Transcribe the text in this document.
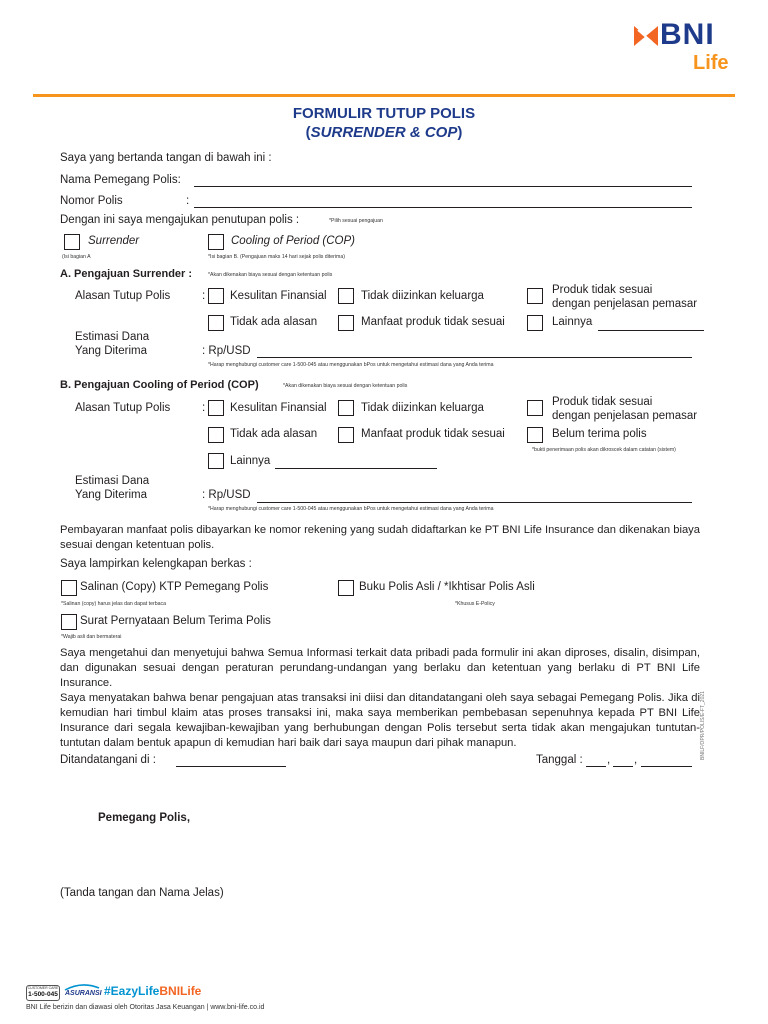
BNI
Life
FORMULIR TUTUP POLIS
(SURRENDER & COP)
Saya yang bertanda tangan di bawah ini :
Nama Pemegang Polis:
Nomor Polis	:
Dengan ini saya mengajukan penutupan polis :	*Pilih sesuai pengajuan
Surrender
(Isi bagian A
Cooling of Period (COP)
*Isi bagian B. (Pengajuan maks 14 hari sejak polis diterima)
A. Pengajuan Surrender :	*Akan dikenakan biaya sesuai dengan ketentuan polis
Alasan Tutup Polis	: Kesulitan Finansial	Tidak diizinkan keluarga	Produk tidak sesuai
dengan penjelasan pemasar
Tidak ada alasan	Manfaat produk tidak sesuai	Lainnya
Estimasi Dana
Yang Diterima	: Rp/USD
*Harap menghubungi customer care 1-500-045 atau menggunakan bPos untuk mengetahui estimasi dana yang Anda terima
B. Pengajuan Cooling of Period (COP)	*Akan dikenakan biaya sesuai dengan ketentuan polis
Alasan Tutup Polis	: Kesulitan Finansial	Tidak diizinkan keluarga	Produk tidak sesuai
dengan penjelasan pemasar
Tidak ada alasan	Manfaat produk tidak sesuai	Belum terima polis
*bukti penerimaan polis akan dikroscek dalam catatan (sistem)
Lainnya
Estimasi Dana
Yang Diterima	: Rp/USD
*Harap menghubungi customer care 1-500-045 atau menggunakan bPos untuk mengetahui estimasi dana yang Anda terima
Pembayaran manfaat polis dibayarkan ke nomor rekening yang sudah didaftarkan ke PT BNI Life Insurance dan dikenakan biaya sesuai dengan ketentuan polis.
Saya lampirkan kelengkapan berkas :
Salinan (Copy) KTP Pemegang Polis
*Salinan (copy) harus jelas dan dapat terbaca
Buku Polis Asli / *Ikhtisar Polis Asli
*Khusus E-Policy
Surat Pernyataan Belum Terima Polis
*Wajib asli dan bermaterai
Saya mengetahui dan menyetujui bahwa Semua Informasi terkait data pribadi pada formulir ini akan diproses, disalin, disimpan, dan digunakan sesuai dengan peraturan perundang-undangan yang berlaku dan ketentuan yang berlaku di PT BNI Life Insurance.
Saya menyatakan bahwa benar pengajuan atas transaksi ini diisi dan ditandatangani oleh saya sebagai Pemegang Polis. Jika di kemudian hari timbul klaim atas proses transaksi ini, maka saya memberikan pembebasan sepenuhnya kepada PT BNI Life Insurance dari segala kewajiban-kewajiban yang berhubungan dengan Polis tersebut serta tidak akan mengajukan tuntutan-tuntutan dalam bentuk apapun di kemudian hari baik dari saya maupun dari pihak manapun.
Ditandatangani di :	Tanggal : , ,
Pemegang Polis,
(Tanda tangan dan Nama Jelas)
BNILF/OPR/POLIS/E-FT_2021
CUSTOMER CARE
1-500-045 ASURANSI #EazyLifeBNILife
BNI Life berizin dan diawasi oleh Otoritas Jasa Keuangan | www.bni-life.co.id
